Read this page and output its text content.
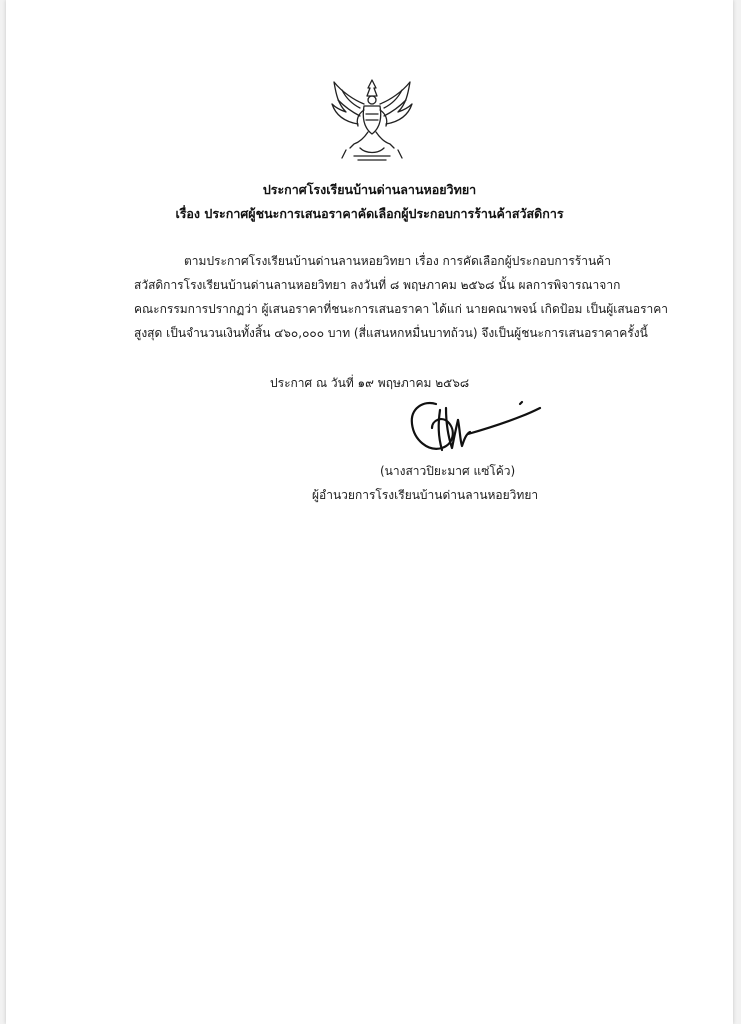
ประกาศโรงเรียนบ้านด่านลานหอยวิทยา

เรื่อง ประกาศผู้ชนะการเสนอราคาคัดเลือกผู้ประกอบการร้านค้าสวัสดิการ

ตามประกาศโรงเรียนบ้านด่านลานหอยวิทยา เรื่อง การคัดเลือกผู้ประกอบการร้านค้า

สวัสดิการโรงเรียนบ้านด่านลานหอยวิทยา ลงวันที่ ๘ พฤษภาคม ๒๕๖๘ นั้น ผลการพิจารณาจาก

คณะกรรมการปรากฏว่า ผู้เสนอราคาที่ชนะการเสนอราคา ได้แก่ นายคณาพจน์ เกิดป้อม เป็นผู้เสนอราคา

สูงสุด เป็นจำนวนเงินทั้งสิ้น ๔๖๐,๐๐๐ บาท (สี่แสนหกหมื่นบาทถ้วน) จึงเป็นผู้ชนะการเสนอราคาครั้งนี้

ประกาศ ณ วันที่ ๑๙ พฤษภาคม ๒๕๖๘

(นางสาวปิยะมาศ แซ่โค้ว)

ผู้อำนวยการโรงเรียนบ้านด่านลานหอยวิทยา
